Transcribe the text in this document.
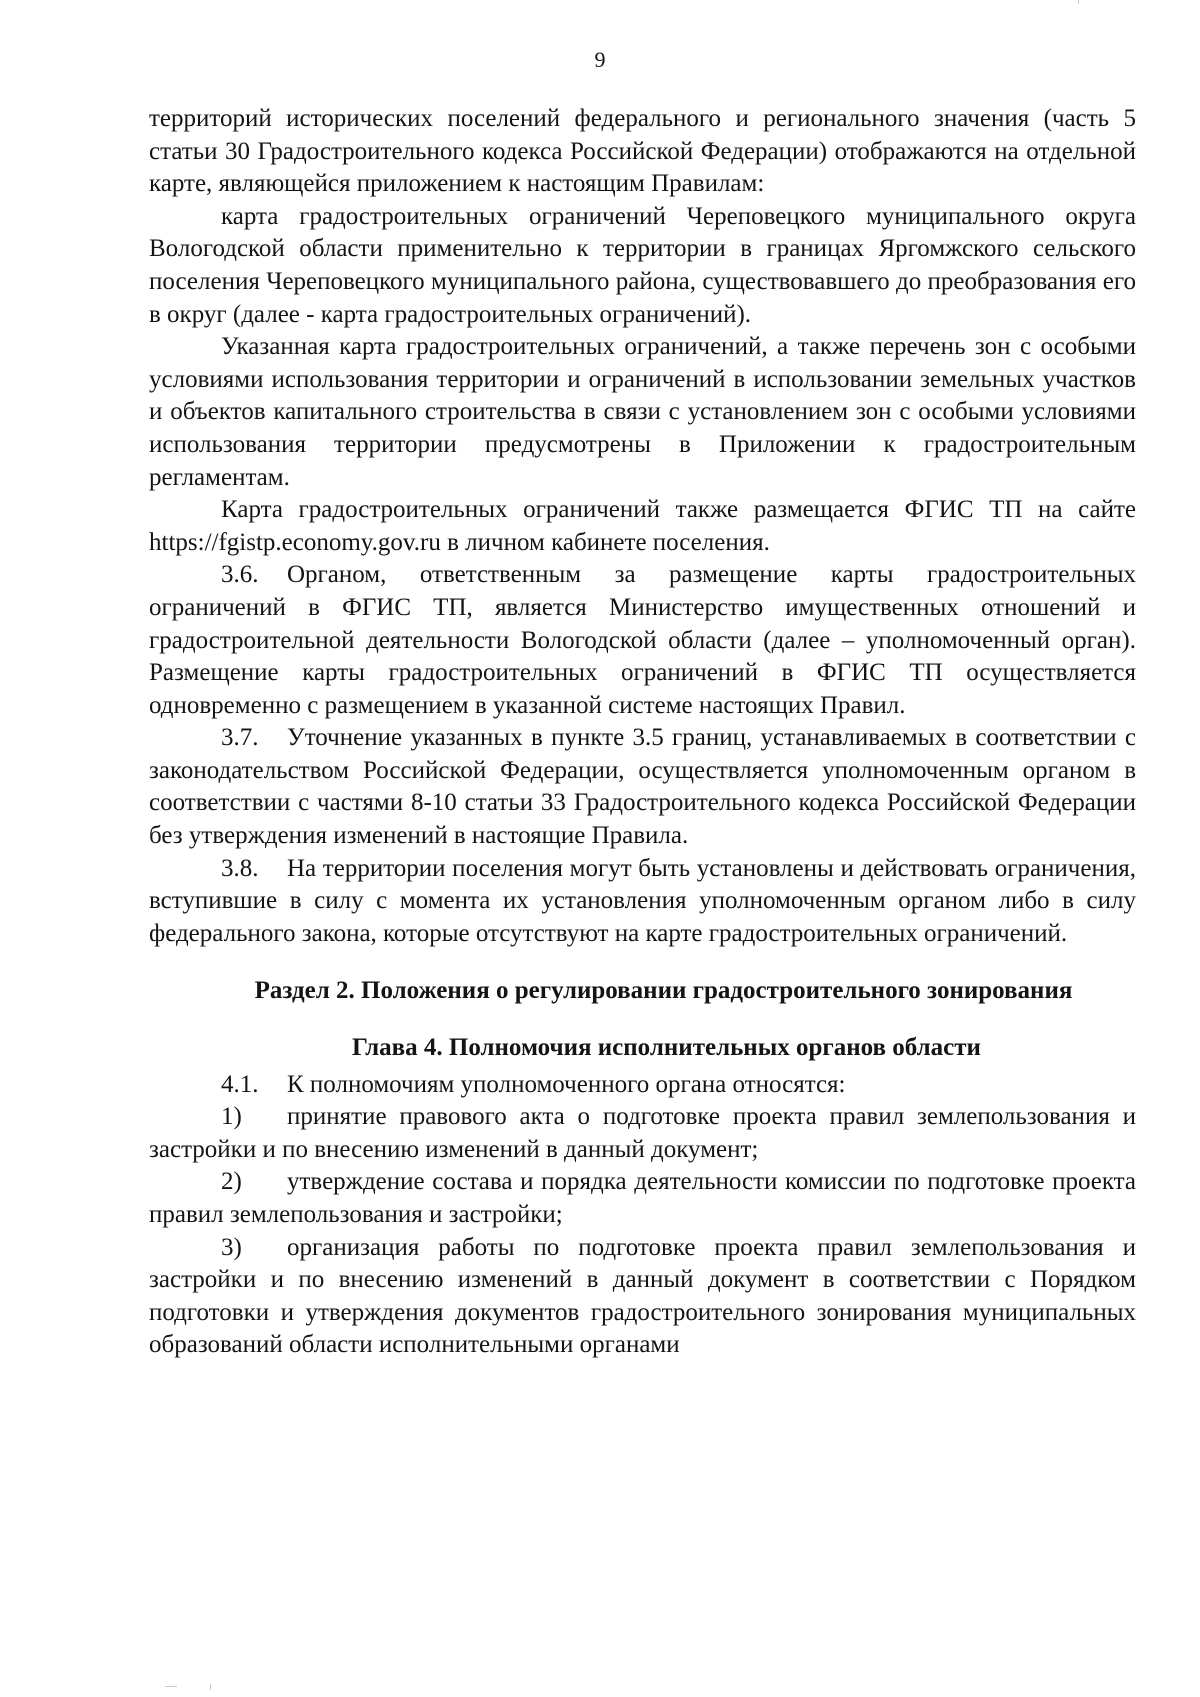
9

территорий исторических поселений федерального и регионального значения (часть 5 статьи 30 Градостроительного кодекса Российской Федерации) отображаются на отдельной карте, являющейся приложением к настоящим Правилам:

карта градостроительных ограничений Череповецкого муниципального округа Вологодской области применительно к территории в границах Яргомжского сельского поселения Череповецкого муниципального района, существовавшего до преобразования его в округ (далее - карта градостроительных ограничений).

Указанная карта градостроительных ограничений, а также перечень зон с особыми условиями использования территории и ограничений в использовании земельных участков и объектов капитального строительства в связи с установлением зон с особыми условиями использования территории предусмотрены в Приложении к градостроительным регламентам.

Карта градостроительных ограничений также размещается ФГИС ТП на сайте https://fgistp.economy.gov.ru в личном кабинете поселения.

3.6. Органом, ответственным за размещение карты градостроительных ограничений в ФГИС ТП, является Министерство имущественных отношений и градостроительной деятельности Вологодской области (далее – уполномоченный орган). Размещение карты градостроительных ограничений в ФГИС ТП осуществляется одновременно с размещением в указанной системе настоящих Правил.

3.7. Уточнение указанных в пункте 3.5 границ, устанавливаемых в соответствии с законодательством Российской Федерации, осуществляется уполномоченным органом в соответствии с частями 8-10 статьи 33 Градостроительного кодекса Российской Федерации без утверждения изменений в настоящие Правила.

3.8. На территории поселения могут быть установлены и действовать ограничения, вступившие в силу с момента их установления уполномоченным органом либо в силу федерального закона, которые отсутствуют на карте градостроительных ограничений.

Раздел 2. Положения о регулировании градостроительного зонирования
Глава 4. Полномочия исполнительных органов области

4.1. К полномочиям уполномоченного органа относятся:

1) принятие правового акта о подготовке проекта правил землепользования и застройки и по внесению изменений в данный документ;

2) утверждение состава и порядка деятельности комиссии по подготовке проекта правил землепользования и застройки;

3) организация работы по подготовке проекта правил землепользования и застройки и по внесению изменений в данный документ в соответствии с Порядком подготовки и утверждения документов градостроительного зонирования муниципальных образований области исполнительными органами
